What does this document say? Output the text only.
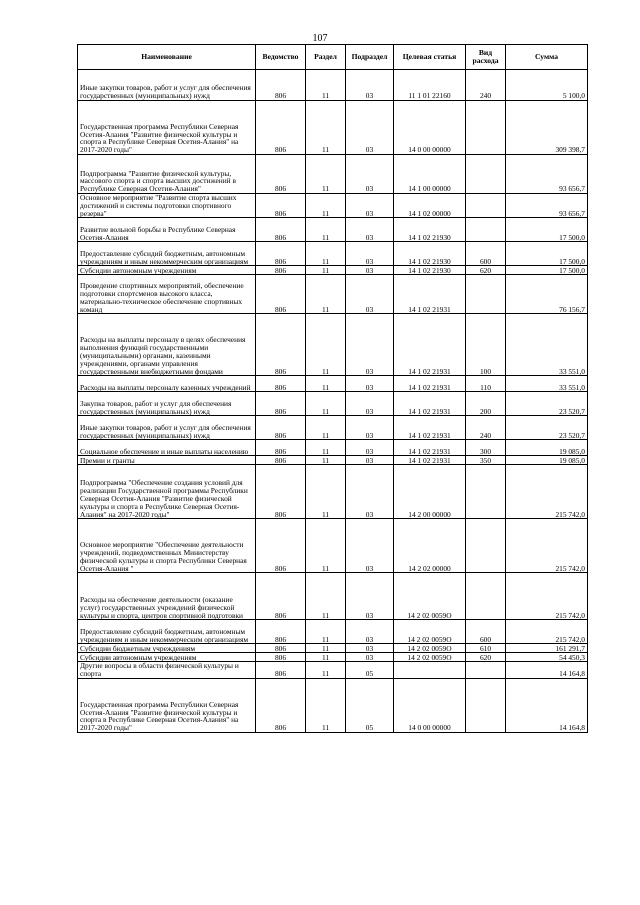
107
Наименование	Ведомство	Раздел	Подраздел	Целевая статья	Вид расхода	Сумма
Иные закупки товаров, работ и услуг для обеспечения государственных (муниципальных) нужд	806	11	03	11 1 01 22160	240	5 100,0
Государственная программа Республики Северная Осетия-Алания "Развитие физической культуры и спорта в Республике Северная Осетия-Алания" на 2017-2020 годы"	806	11	03	14 0 00 00000		309 398,7
Подпрограмма "Развитие физической культуры, массового спорта и спорта высших достижений в Республике Северная Осетия-Алания"	806	11	03	14 1 00 00000		93 656,7
Основное мероприятие "Развитие спорта высших достижений и системы подготовки спортивного резерва"	806	11	03	14 1 02 00000		93 656,7
Развитие вольной борьбы в Республике Северная Осетия-Алания	806	11	03	14 1 02 21930		17 500,0
Предоставление субсидий бюджетным, автономным учреждениям и иным некоммерческим организациям	806	11	03	14 1 02 21930	600	17 500,0
Субсидии автономным учреждениям	806	11	03	14 1 02 21930	620	17 500,0
Проведение спортивных мероприятий, обеспечение подготовки спортсменов высокого класса, материально-техническое обеспечение спортивных команд	806	11	03	14 1 02 21931		76 156,7
Расходы на выплаты персоналу в целях обеспечения выполнения функций государственными (муниципальными) органами, казенными учреждениями, органами управления государственными внебюджетными фондами	806	11	03	14 1 02 21931	100	33 551,0
Расходы на выплаты персоналу казенных учреждений	806	11	03	14 1 02 21931	110	33 551,0
Закупка товаров, работ и услуг для обеспечения государственных (муниципальных) нужд	806	11	03	14 1 02 21931	200	23 520,7
Иные закупки товаров, работ и услуг для обеспечения государственных (муниципальных) нужд	806	11	03	14 1 02 21931	240	23 520,7
Социальное обеспечение и иные выплаты населению	806	11	03	14 1 02 21931	300	19 085,0
Премии и гранты	806	11	03	14 1 02 21931	350	19 085,0
Подпрограмма "Обеспечение создания условий для реализации Государственной программы Республики Северная Осетия-Алания "Развитие физической культуры и спорта в Республике Северная Осетия-Алания" на 2017-2020 годы"	806	11	03	14 2 00 00000		215 742,0
Основное мероприятие "Обеспечение деятельности учреждений, подведомственных Министерству физической культуры и спорта Республики Северная Осетия-Алания "	806	11	03	14 2 02 00000		215 742,0
Расходы на обеспечение деятельности (оказание услуг) государственных учреждений физической культуры и спорта, центров спортивной подготовки	806	11	03	14 2 02 0059О		215 742,0
Предоставление субсидий бюджетным, автономным учреждениям и иным некоммерческим организациям	806	11	03	14 2 02 0059О	600	215 742,0
Субсидии бюджетным учреждениям	806	11	03	14 2 02 0059О	610	161 291,7
Субсидии автономным учреждениям	806	11	03	14 2 02 0059О	620	54 450,3
Другие вопросы в области физической культуры и спорта	806	11	05			14 164,8
Государственная программа Республики Северная Осетия-Алания "Развитие физической культуры и спорта в Республике Северная Осетия-Алания" на 2017-2020 годы"	806	11	05	14 0 00 00000		14 164,8
